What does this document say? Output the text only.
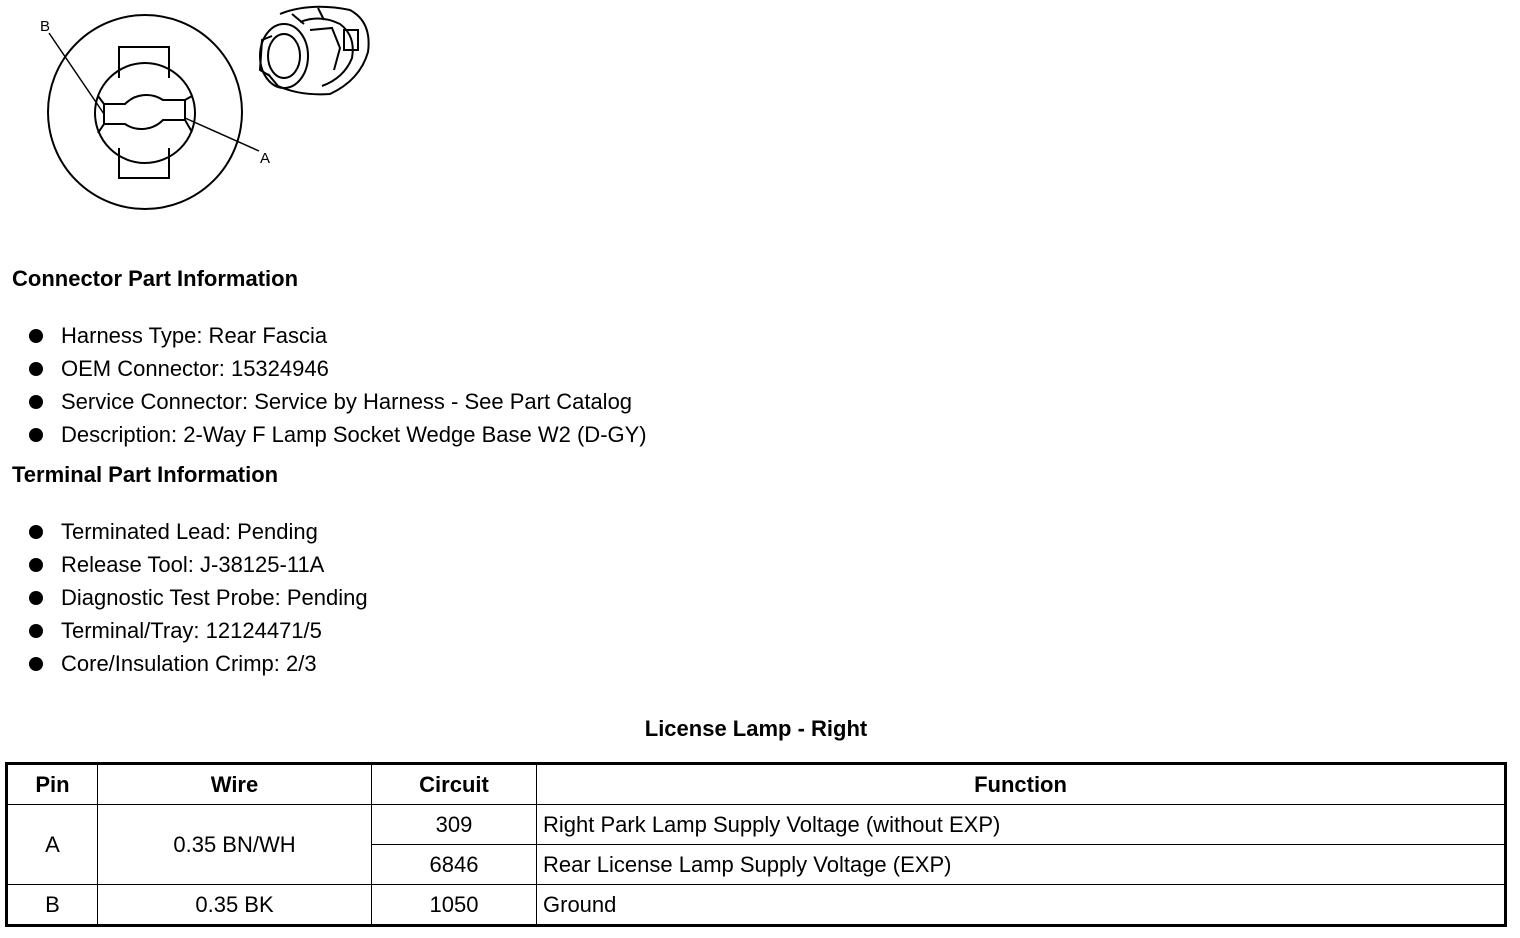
B
A
Connector Part Information
Harness Type: Rear Fascia
OEM Connector: 15324946
Service Connector: Service by Harness - See Part Catalog
Description: 2-Way F Lamp Socket Wedge Base W2 (D-GY)
Terminal Part Information
Terminated Lead: Pending
Release Tool: J-38125-11A
Diagnostic Test Probe: Pending
Terminal/Tray: 12124471/5
Core/Insulation Crimp: 2/3
License Lamp - Right
Pin	Wire	Circuit	Function
A	0.35 BN/WH	309	Right Park Lamp Supply Voltage (without EXP)
		6846	Rear License Lamp Supply Voltage (EXP)
B	0.35 BK	1050	Ground
